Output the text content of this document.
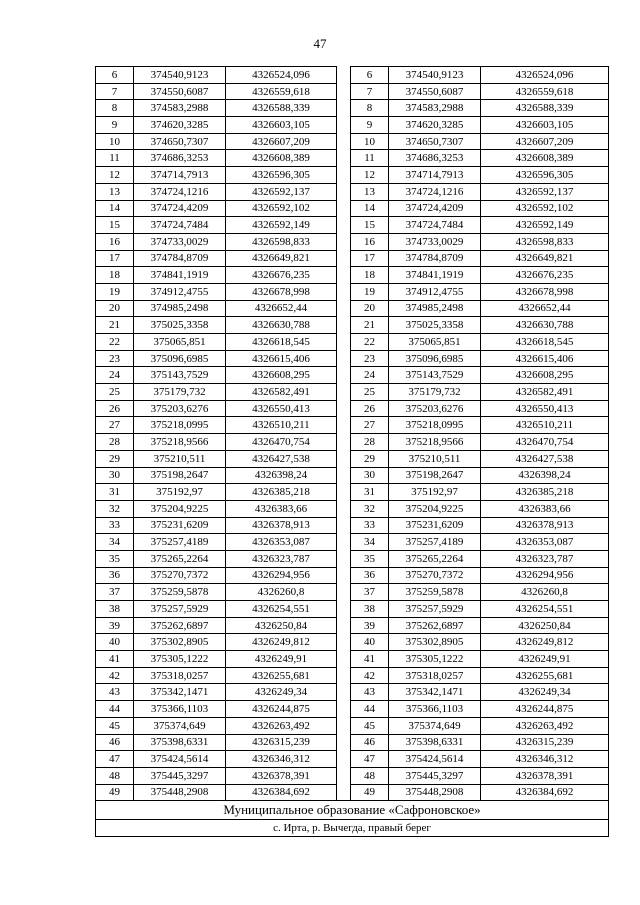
47
6	374540,9123	4326524,096		6	374540,9123	4326524,096
7	374550,6087	4326559,618		7	374550,6087	4326559,618
8	374583,2988	4326588,339		8	374583,2988	4326588,339
9	374620,3285	4326603,105		9	374620,3285	4326603,105
10	374650,7307	4326607,209		10	374650,7307	4326607,209
11	374686,3253	4326608,389		11	374686,3253	4326608,389
12	374714,7913	4326596,305		12	374714,7913	4326596,305
13	374724,1216	4326592,137		13	374724,1216	4326592,137
14	374724,4209	4326592,102		14	374724,4209	4326592,102
15	374724,7484	4326592,149		15	374724,7484	4326592,149
16	374733,0029	4326598,833		16	374733,0029	4326598,833
17	374784,8709	4326649,821		17	374784,8709	4326649,821
18	374841,1919	4326676,235		18	374841,1919	4326676,235
19	374912,4755	4326678,998		19	374912,4755	4326678,998
20	374985,2498	4326652,44		20	374985,2498	4326652,44
21	375025,3358	4326630,788		21	375025,3358	4326630,788
22	375065,851	4326618,545		22	375065,851	4326618,545
23	375096,6985	4326615,406		23	375096,6985	4326615,406
24	375143,7529	4326608,295		24	375143,7529	4326608,295
25	375179,732	4326582,491		25	375179,732	4326582,491
26	375203,6276	4326550,413		26	375203,6276	4326550,413
27	375218,0995	4326510,211		27	375218,0995	4326510,211
28	375218,9566	4326470,754		28	375218,9566	4326470,754
29	375210,511	4326427,538		29	375210,511	4326427,538
30	375198,2647	4326398,24		30	375198,2647	4326398,24
31	375192,97	4326385,218		31	375192,97	4326385,218
32	375204,9225	4326383,66		32	375204,9225	4326383,66
33	375231,6209	4326378,913		33	375231,6209	4326378,913
34	375257,4189	4326353,087		34	375257,4189	4326353,087
35	375265,2264	4326323,787		35	375265,2264	4326323,787
36	375270,7372	4326294,956		36	375270,7372	4326294,956
37	375259,5878	4326260,8		37	375259,5878	4326260,8
38	375257,5929	4326254,551		38	375257,5929	4326254,551
39	375262,6897	4326250,84		39	375262,6897	4326250,84
40	375302,8905	4326249,812		40	375302,8905	4326249,812
41	375305,1222	4326249,91		41	375305,1222	4326249,91
42	375318,0257	4326255,681		42	375318,0257	4326255,681
43	375342,1471	4326249,34		43	375342,1471	4326249,34
44	375366,1103	4326244,875		44	375366,1103	4326244,875
45	375374,649	4326263,492		45	375374,649	4326263,492
46	375398,6331	4326315,239		46	375398,6331	4326315,239
47	375424,5614	4326346,312		47	375424,5614	4326346,312
48	375445,3297	4326378,391		48	375445,3297	4326378,391
49	375448,2908	4326384,692		49	375448,2908	4326384,692
Муниципальное образование «Сафроновское»						
с. Ирта, р. Вычегда, правый берег						
